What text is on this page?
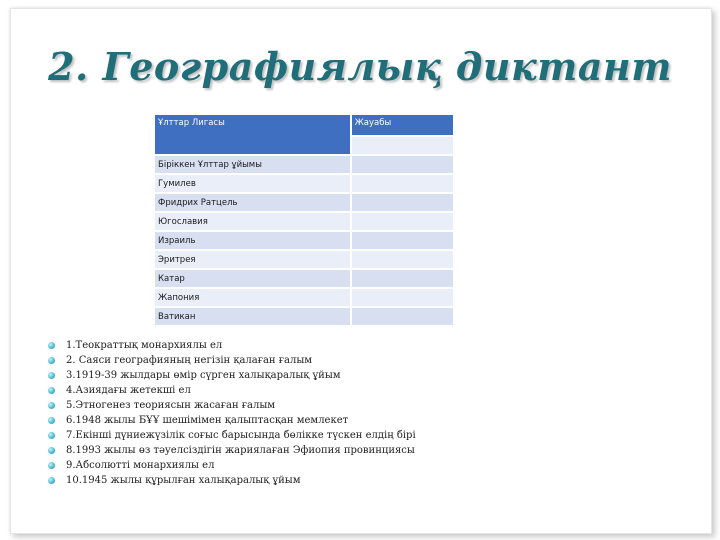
2. Географиялық диктант
Ұлттар Лигасы	Жауабы

Біріккен Ұлттар ұйымы	
Гумилев	
Фридрих Ратцель	
Югославия	
Израиль	
Эритрея	
Катар	
Жапония	
Ватикан	
1.Теократтық монархиялы ел
2. Саяси географияның негізін қалаған ғалым
3.1919-39 жылдары өмір сүрген халықаралық ұйым
4.Азиядағы жетекші ел
5.Этногенез теориясын жасаған ғалым
6.1948 жылы БҰҰ шешімімен қалыптасқан мемлекет
7.Екінші дүниежүзілік соғыс барысында бөлікке түскен елдің бірі
8.1993 жылы өз тәуелсіздігін жариялаған Эфиопия провинциясы
9.Абсолютті монархиялы ел
10.1945 жылы құрылған халықаралық ұйым
